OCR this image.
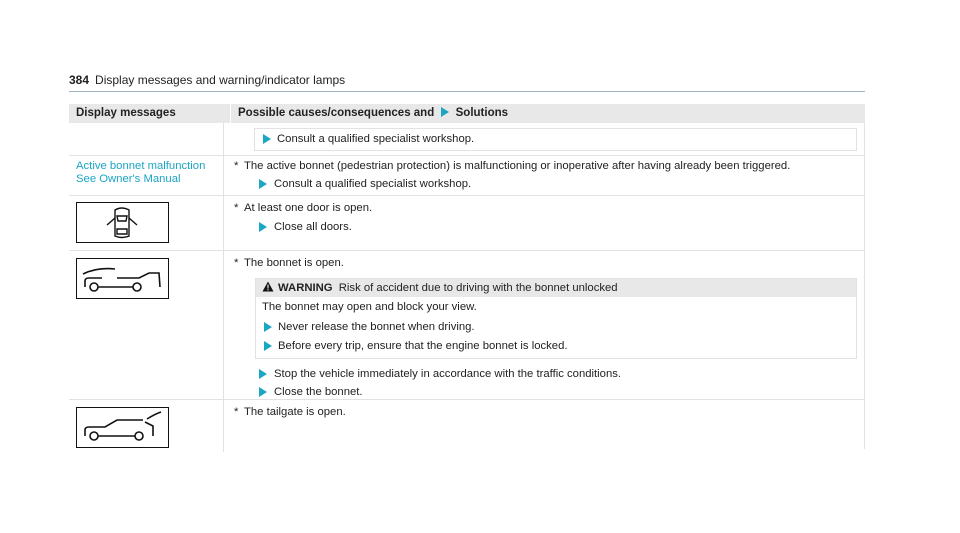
384 Display messages and warning/indicator lamps
Display messages	Possible causes/consequences and Solutions
Consult a qualified specialist workshop.
Active bonnet malfunction
See Owner's Manual
* The active bonnet (pedestrian protection) is malfunctioning or inoperative after having already been triggered.
Consult a qualified specialist workshop.
* At least one door is open.
Close all doors.
* The bonnet is open.
WARNING Risk of accident due to driving with the bonnet unlocked
The bonnet may open and block your view.
Never release the bonnet when driving.
Before every trip, ensure that the engine bonnet is locked.
Stop the vehicle immediately in accordance with the traffic conditions.
Close the bonnet.
* The tailgate is open.
